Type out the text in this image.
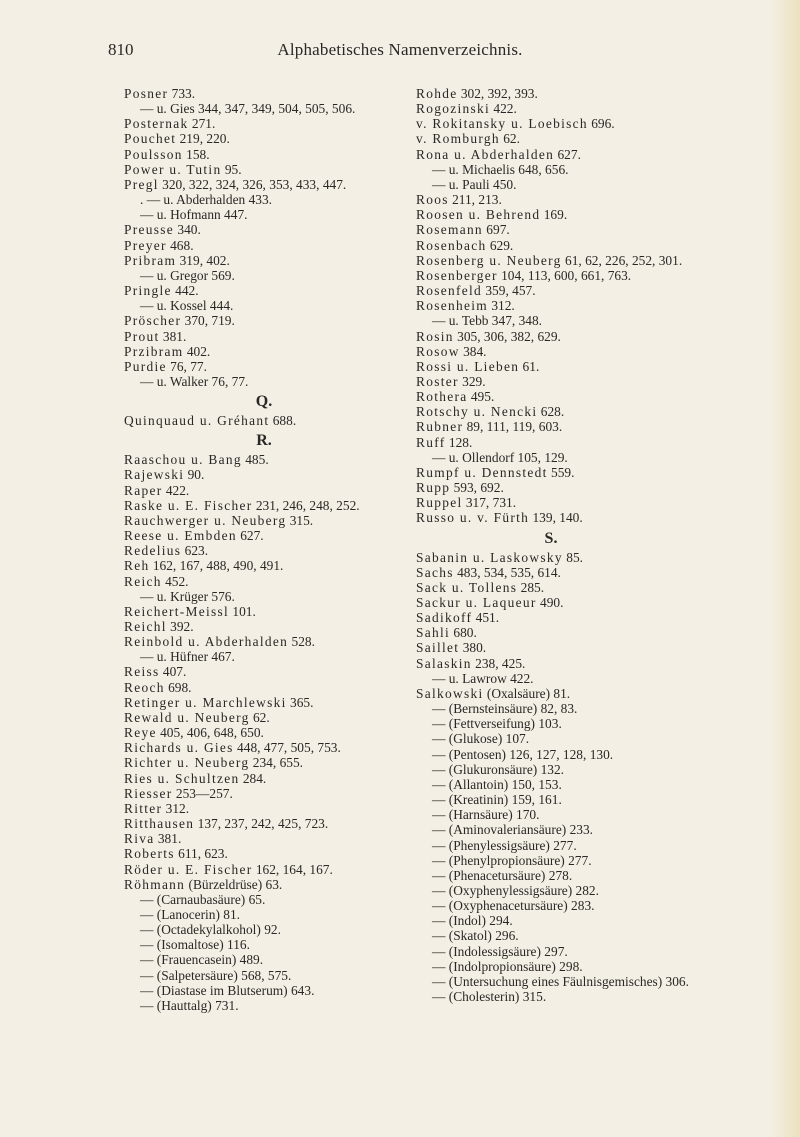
810	Alphabetisches Namenverzeichnis.
Posner 733.
— u. Gies 344, 347, 349, 504, 505, 506.
Posternak 271.
Pouchet 219, 220.
Poulsson 158.
Power u. Tutin 95.
Pregl 320, 322, 324, 326, 353, 433, 447.
. — u. Abderhalden 433.
— u. Hofmann 447.
Preusse 340.
Preyer 468.
Pribram 319, 402.
— u. Gregor 569.
Pringle 442.
— u. Kossel 444.
Pröscher 370, 719.
Prout 381.
Przibram 402.
Purdie 76, 77.
— u. Walker 76, 77.
Q.
Quinquaud u. Gréhant 688.
R.
Raaschou u. Bang 485.
Rajewski 90.
Raper 422.
Raske u. E. Fischer 231, 246, 248, 252.
Rauchwerger u. Neuberg 315.
Reese u. Embden 627.
Redelius 623.
Reh 162, 167, 488, 490, 491.
Reich 452.
— u. Krüger 576.
Reichert-Meissl 101.
Reichl 392.
Reinbold u. Abderhalden 528.
— u. Hüfner 467.
Reiss 407.
Reoch 698.
Retinger u. Marchlewski 365.
Rewald u. Neuberg 62.
Reye 405, 406, 648, 650.
Richards u. Gies 448, 477, 505, 753.
Richter u. Neuberg 234, 655.
Ries u. Schultzen 284.
Riesser 253—257.
Ritter 312.
Ritthausen 137, 237, 242, 425, 723.
Riva 381.
Roberts 611, 623.
Röder u. E. Fischer 162, 164, 167.
Röhmann (Bürzeldrüse) 63.
— (Carnaubasäure) 65.
— (Lanocerin) 81.
— (Octadekylalkohol) 92.
— (Isomaltose) 116.
— (Frauencasein) 489.
— (Salpetersäure) 568, 575.
— (Diastase im Blutserum) 643.
— (Hauttalg) 731.
Rohde 302, 392, 393.
Rogozinski 422.
v. Rokitansky u. Loebisch 696.
v. Romburgh 62.
Rona u. Abderhalden 627.
— u. Michaelis 648, 656.
— u. Pauli 450.
Roos 211, 213.
Roosen u. Behrend 169.
Rosemann 697.
Rosenbach 629.
Rosenberg u. Neuberg 61, 62, 226, 252, 301.
Rosenberger 104, 113, 600, 661, 763.
Rosenfeld 359, 457.
Rosenheim 312.
— u. Tebb 347, 348.
Rosin 305, 306, 382, 629.
Rosow 384.
Rossi u. Lieben 61.
Roster 329.
Rothera 495.
Rotschy u. Nencki 628.
Rubner 89, 111, 119, 603.
Ruff 128.
— u. Ollendorf 105, 129.
Rumpf u. Dennstedt 559.
Rupp 593, 692.
Ruppel 317, 731.
Russo u. v. Fürth 139, 140.
S.
Sabanin u. Laskowsky 85.
Sachs 483, 534, 535, 614.
Sack u. Tollens 285.
Sackur u. Laqueur 490.
Sadikoff 451.
Sahli 680.
Saillet 380.
Salaskin 238, 425.
— u. Lawrow 422.
Salkowski (Oxalsäure) 81.
— (Bernsteinsäure) 82, 83.
— (Fettverseifung) 103.
— (Glukose) 107.
— (Pentosen) 126, 127, 128, 130.
— (Glukuronsäure) 132.
— (Allantoin) 150, 153.
— (Kreatinin) 159, 161.
— (Harnsäure) 170.
— (Aminovaleriansäure) 233.
— (Phenylessigsäure) 277.
— (Phenylpropionsäure) 277.
— (Phenacetursäure) 278.
— (Oxyphenylessigsäure) 282.
— (Oxyphenacetursäure) 283.
— (Indol) 294.
— (Skatol) 296.
— (Indolessigsäure) 297.
— (Indolpropionsäure) 298.
— (Untersuchung eines Fäulnisgemisches) 306.
— (Cholesterin) 315.
